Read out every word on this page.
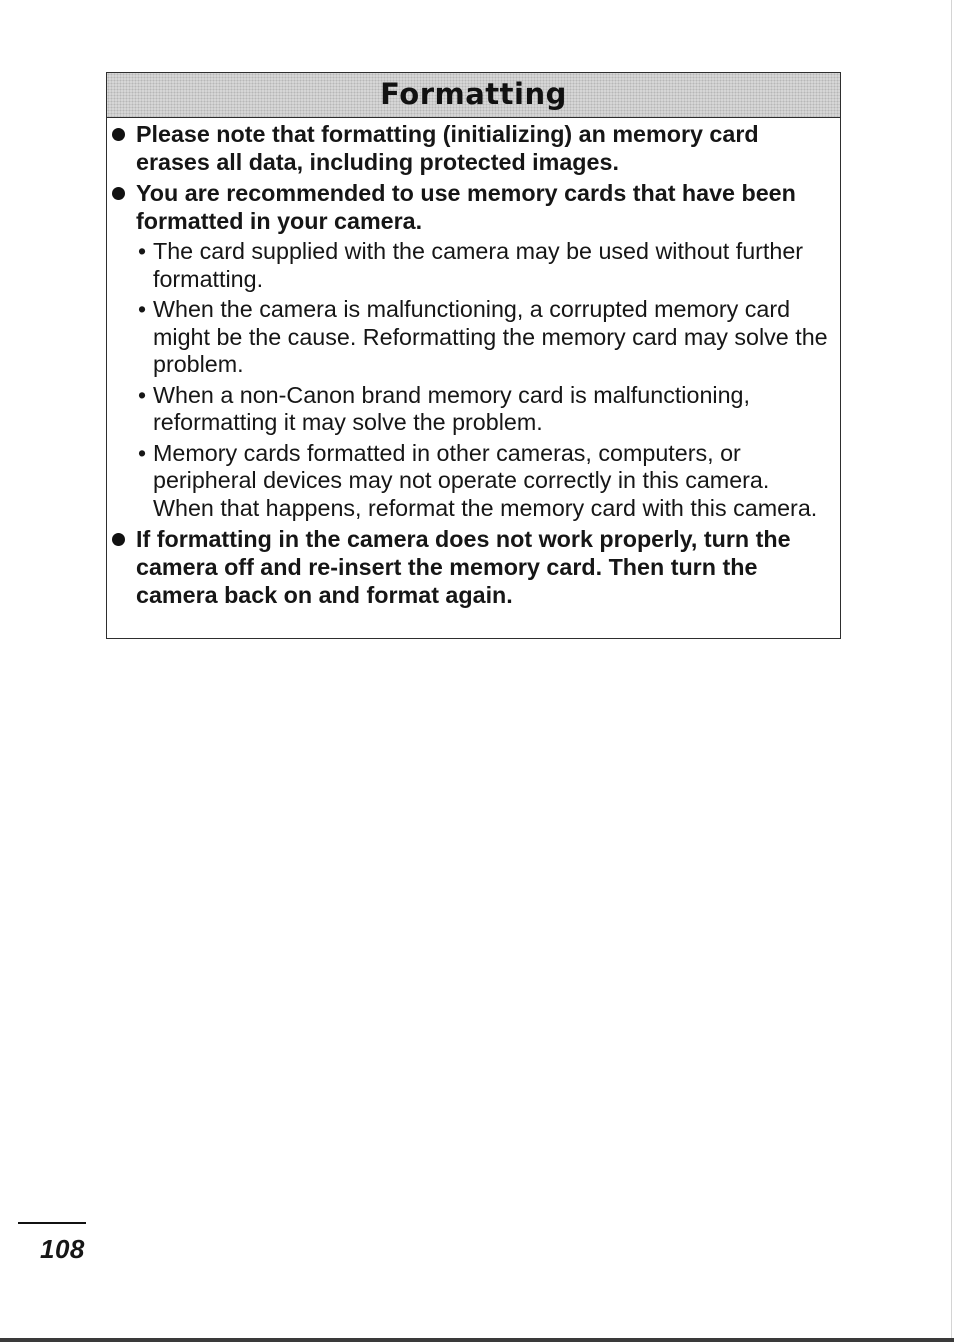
Formatting
Please note that formatting (initializing) an memory card erases all data, including protected images.
You are recommended to use memory cards that have been formatted in your camera.
• The card supplied with the camera may be used without further formatting.
• When the camera is malfunctioning, a corrupted memory card might be the cause. Reformatting the memory card may solve the problem.
• When a non-Canon brand memory card is malfunctioning, reformatting it may solve the problem.
• Memory cards formatted in other cameras, computers, or peripheral devices may not operate correctly in this camera. When that happens, reformat the memory card with this camera.
If formatting in the camera does not work properly, turn the camera off and re-insert the memory card. Then turn the camera back on and format again.
108
